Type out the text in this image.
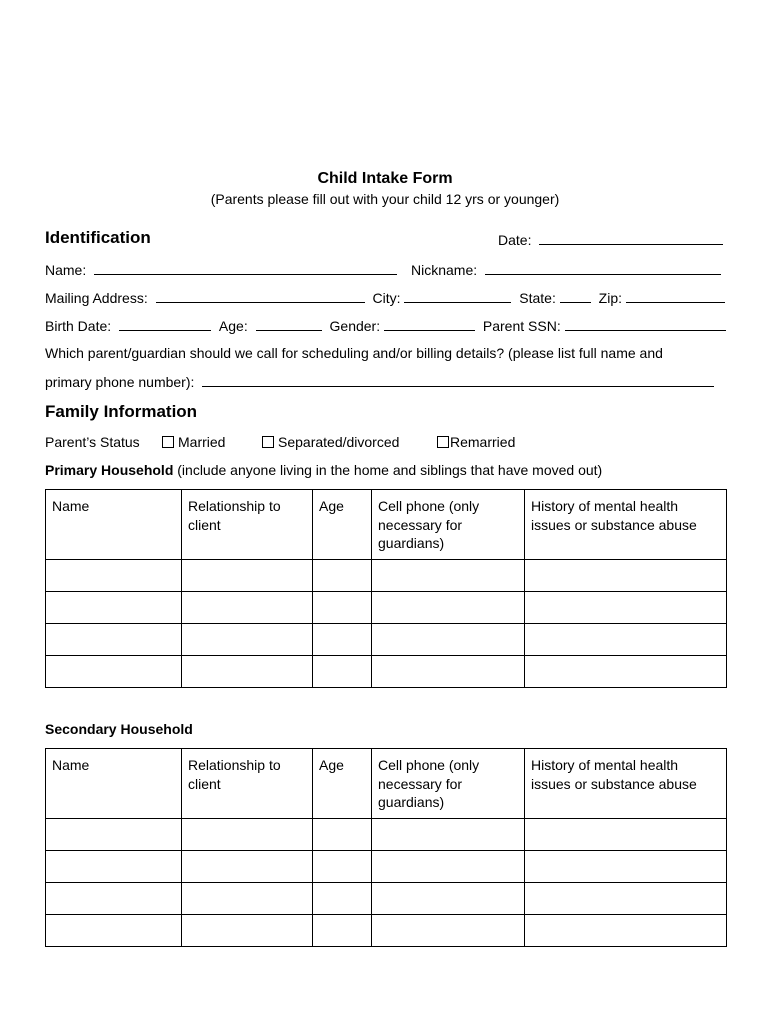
Child Intake Form
(Parents please fill out with your child 12 yrs or younger)
Identification	Date:
Name:	Nickname:
Mailing Address:	City:	State:	Zip:
Birth Date:	Age:	Gender:	Parent SSN:
Which parent/guardian should we call for scheduling and/or billing details? (please list full name and
primary phone number):
Family Information
Parent’s Status	Married	Separated/divorced	Remarried
Primary Household (include anyone living in the home and siblings that have moved out)
Name	Relationship to client	Age	Cell phone (only necessary for guardians)	History of mental health issues or substance abuse

Secondary Household
Name	Relationship to client	Age	Cell phone (only necessary for guardians)	History of mental health issues or substance abuse
